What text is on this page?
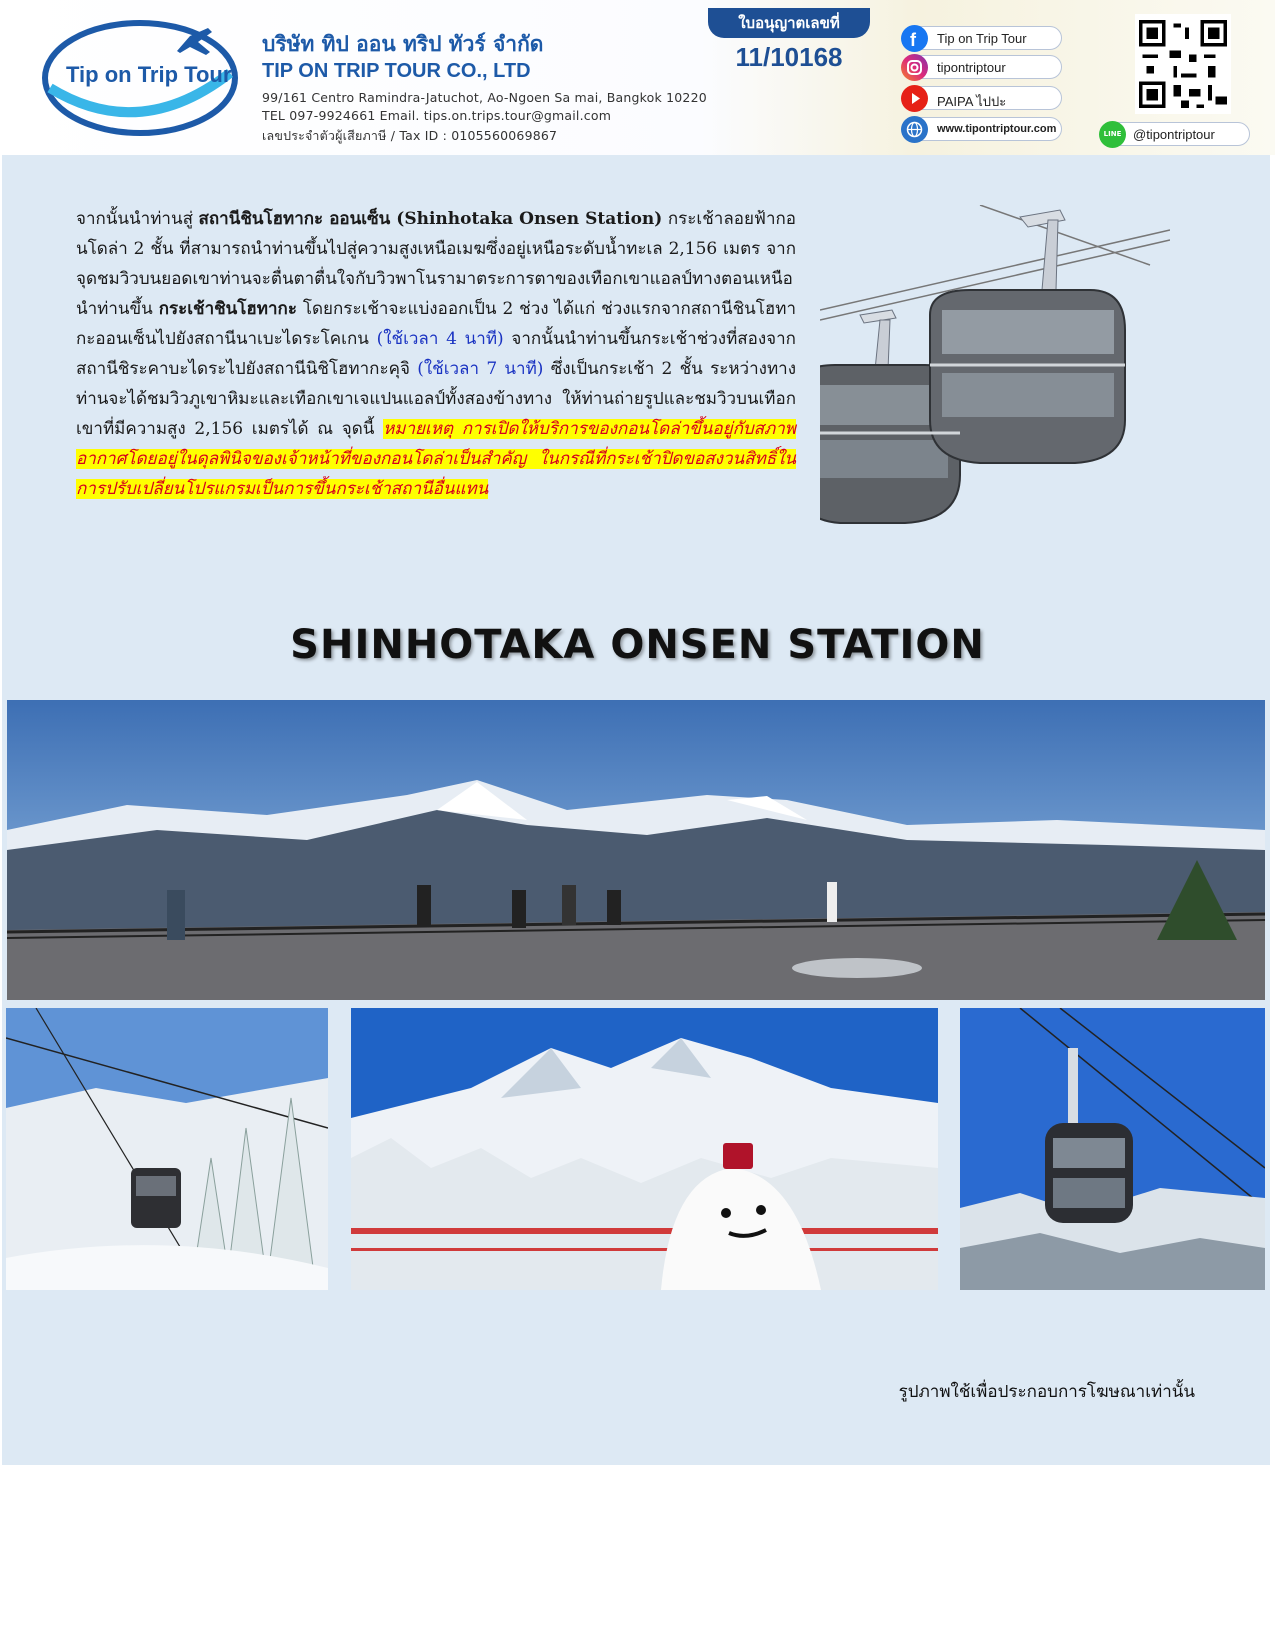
Tip on Trip Tour
บริษัท ทิป ออน ทริป ทัวร์ จำกัด
TIP ON TRIP TOUR CO., LTD
99/161 Centro Ramindra-Jatuchot, Ao-Ngoen Sa mai, Bangkok 10220
TEL 097-9924661 Email. tips.on.trips.tour@gmail.com
เลขประจำตัวผู้เสียภาษี / Tax ID : 0105560069867
ใบอนุญาตเลขที่
11/10168
f Tip on Trip Tour
tipontriptour
PAIPA ไปปะ
www.tipontriptour.com	LINE @tipontriptour
จากนั้นนำท่านสู่ สถานีชินโฮทากะ ออนเซ็น (Shinhotaka Onsen Station) กระเช้าลอยฟ้ากอนโดล่า 2 ชั้น ที่สามารถนำท่านขึ้นไปสู่ความสูงเหนือเมฆซึ่งอยู่เหนือระดับน้ำทะเล 2,156 เมตร จากจุดชมวิวบนยอดเขาท่านจะตื่นตาตื่นใจกับวิวพาโนรามาตระการตาของเทือกเขาแอลป์ทางตอนเหนือ นำท่านขึ้น กระเช้าชินโฮทากะ โดยกระเช้าจะแบ่งออกเป็น 2 ช่วง ได้แก่ ช่วงแรกจากสถานีชินโฮทากะออนเซ็นไปยังสถานีนาเบะไดระโคเกน (ใช้เวลา 4 นาที) จากนั้นนำท่านขึ้นกระเช้าช่วงที่สองจากสถานีชิระคาบะไดระไปยังสถานีนิชิโฮทากะคุจิ (ใช้เวลา 7 นาที) ซึ่งเป็นกระเช้า 2 ชั้น ระหว่างทางท่านจะได้ชมวิวภูเขาหิมะและเทือกเขาเจแปนแอลป์ทั้งสองข้างทาง ให้ท่านถ่ายรูปและชมวิวบนเทือกเขาที่มีความสูง 2,156 เมตรได้ ณ จุดนี้ หมายเหตุ การเปิดให้บริการของกอนโดล่าขึ้นอยู่กับสภาพอากาศโดยอยู่ในดุลพินิจของเจ้าหน้าที่ของกอนโดล่าเป็นสำคัญ ในกรณีที่กระเช้าปิดขอสงวนสิทธิ์ในการปรับเปลี่ยนโปรแกรมเป็นการขึ้นกระเช้าสถานีอื่นแทน
SHINHOTAKA ONSEN STATION
รูปภาพใช้เพื่อประกอบการโฆษณาเท่านั้น
